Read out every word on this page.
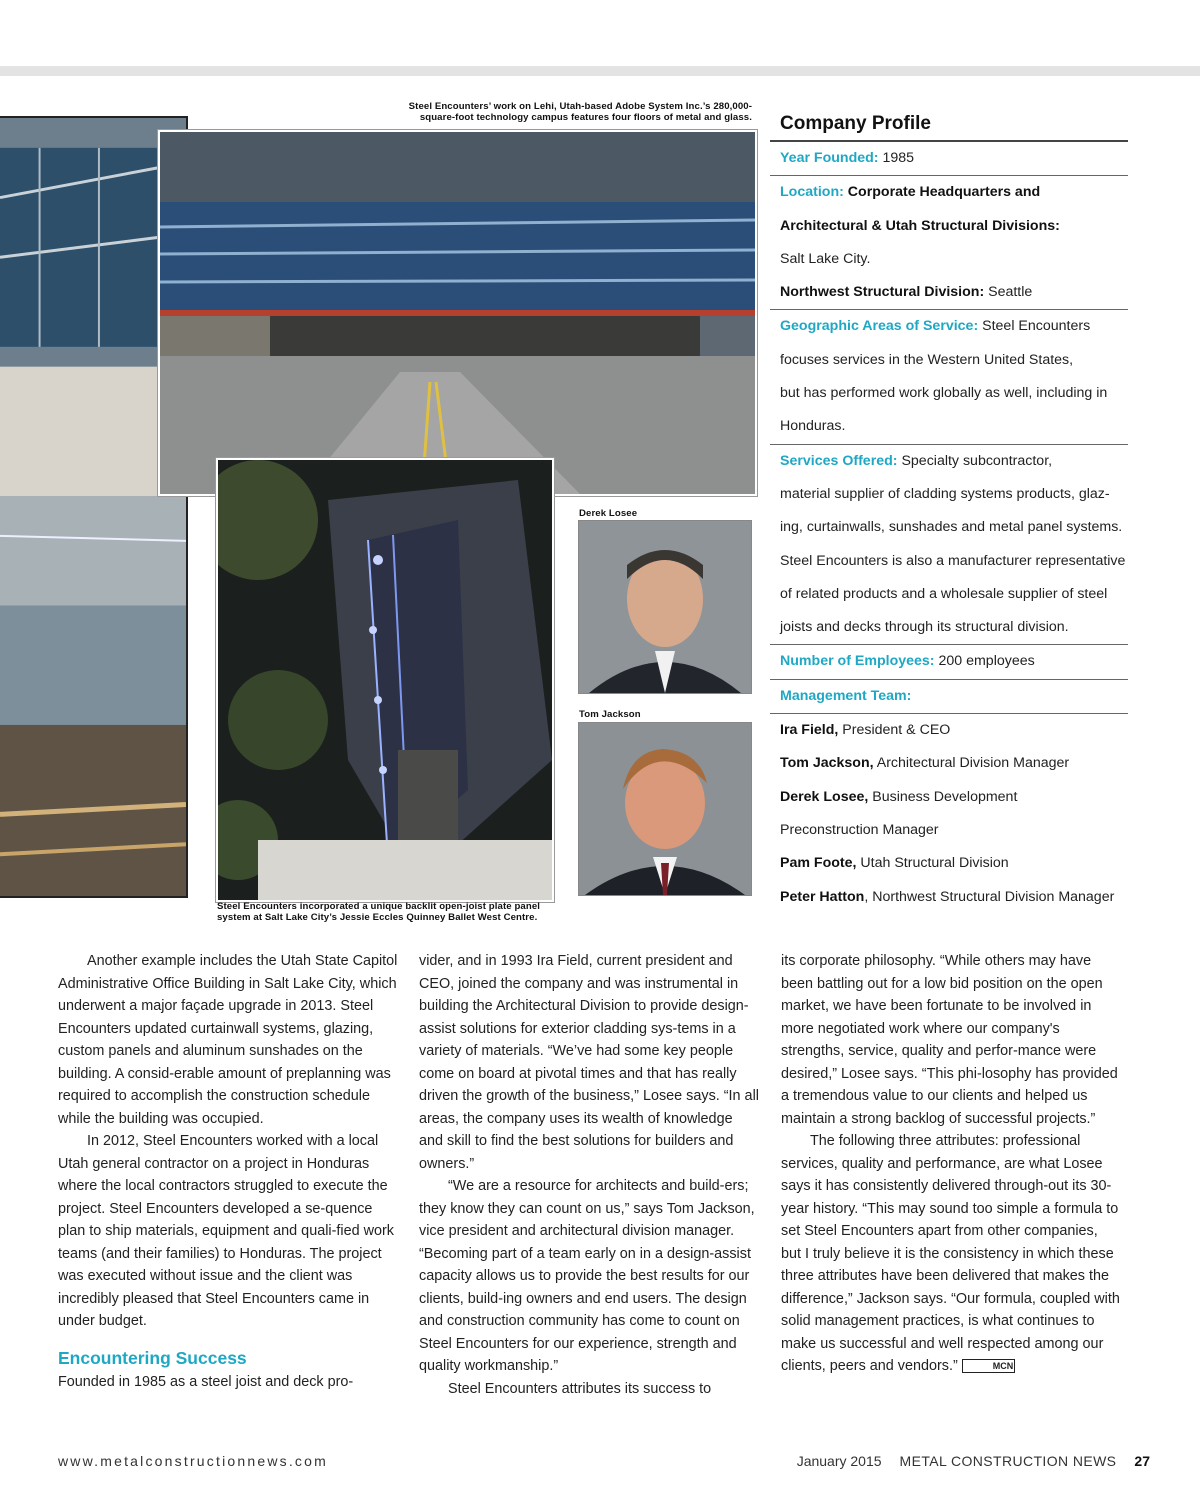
Steel Encounters’ work on Lehi, Utah-based Adobe System Inc.’s 280,000-square-foot technology campus features four floors of metal and glass.
Steel Encounters incorporated a unique backlit open-joist plate panel system at Salt Lake City’s Jessie Eccles Quinney Ballet West Centre.
Derek Losee
Tom Jackson
Company Profile
Year Founded: 1985
Location: Corporate Headquarters and
Architectural & Utah Structural Divisions:
Salt Lake City.
Northwest Structural Division: Seattle
Geographic Areas of Service: Steel Encounters
focuses services in the Western United States,
but has performed work globally as well, including in
Honduras.
Services Offered: Specialty subcontractor,
material supplier of cladding systems products, glaz-
ing, curtainwalls, sunshades and metal panel systems.
Steel Encounters is also a manufacturer representative
of related products and a wholesale supplier of steel
joists and decks through its structural division.
Number of Employees: 200 employees
Management Team:
Ira Field, President & CEO
Tom Jackson, Architectural Division Manager
Derek Losee, Business Development
Preconstruction Manager
Pam Foote, Utah Structural Division
Peter Hatton, Northwest Structural Division Manager

Another example includes the Utah State Capitol Administrative Office Building in Salt Lake City, which underwent a major façade upgrade in 2013. Steel Encounters updated curtainwall systems, glazing, custom panels and aluminum sunshades on the building. A consid-erable amount of preplanning was required to accomplish the construction schedule while the building was occupied.

In 2012, Steel Encounters worked with a local Utah general contractor on a project in Honduras where the local contractors struggled to execute the project. Steel Encounters developed a se-quence plan to ship materials, equipment and quali-fied work teams (and their families) to Honduras. The project was executed without issue and the client was incredibly pleased that Steel Encounters came in under budget.

Encountering Success

Founded in 1985 as a steel joist and deck pro-

vider, and in 1993 Ira Field, current president and CEO, joined the company and was instrumental in building the Architectural Division to provide design-assist solutions for exterior cladding sys-tems in a variety of materials. “We’ve had some key people come on board at pivotal times and that has really driven the growth of the business,” Losee says. “In all areas, the company uses its wealth of knowledge and skill to find the best solutions for builders and owners.”

“We are a resource for architects and build-ers; they know they can count on us,” says Tom Jackson, vice president and architectural division manager. “Becoming part of a team early on in a design-assist capacity allows us to provide the best results for our clients, build-ing owners and end users. The design and construction community has come to count on Steel Encounters for our experience, strength and quality workmanship.”

Steel Encounters attributes its success to

its corporate philosophy. “While others may have been battling out for a low bid position on the open market, we have been fortunate to be involved in more negotiated work where our company's strengths, service, quality and perfor-mance were desired,” Losee says. “This phi-losophy has provided a tremendous value to our clients and helped us maintain a strong backlog of successful projects.”

The following three attributes: professional services, quality and performance, are what Losee says it has consistently delivered through-out its 30-year history. “This may sound too simple a formula to set Steel Encounters apart from other companies, but I truly believe it is the consistency in which these three attributes have been delivered that makes the difference,” Jackson says. “Our formula, coupled with solid management practices, is what continues to make us successful and well respected among our clients, peers and vendors.”	MCN

www.metalconstructionnews.com	January 2015 METAL CONSTRUCTION NEWS 27
